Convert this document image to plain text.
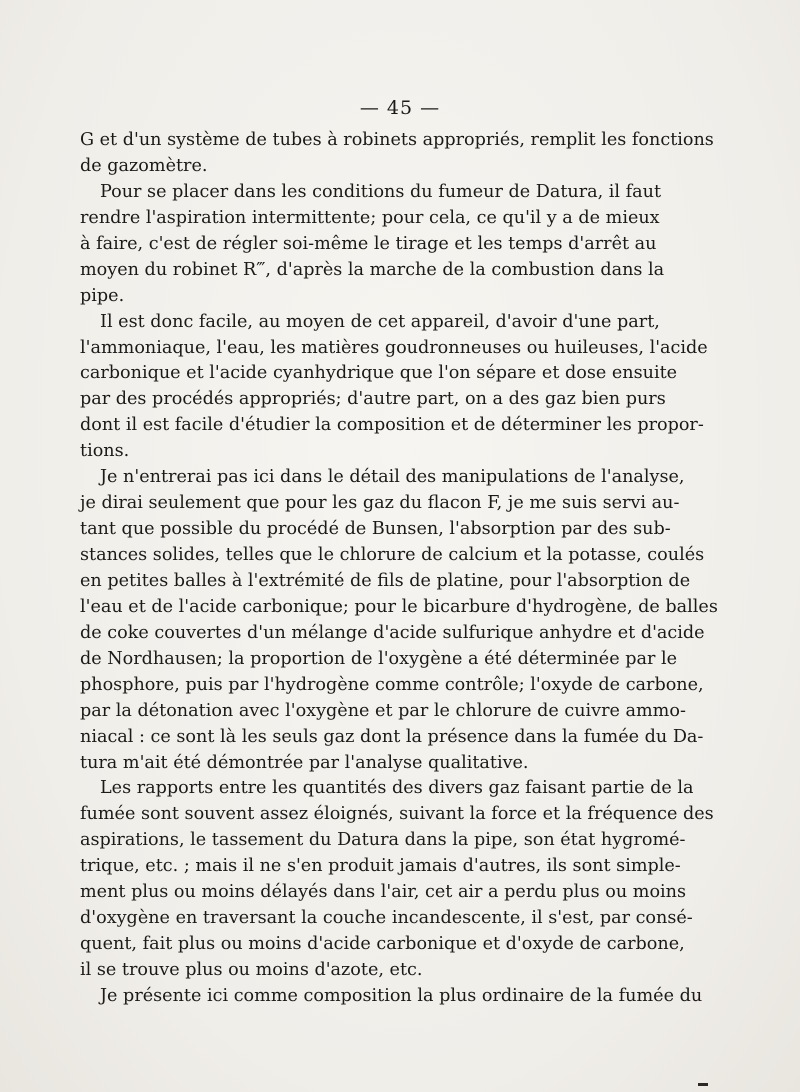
— 45 —
G et d'un système de tubes à robinets appropriés, remplit les fonctions
de gazomètre.
Pour se placer dans les conditions du fumeur de Datura, il faut
rendre l'aspiration intermittente; pour cela, ce qu'il y a de mieux
à faire, c'est de régler soi-même le tirage et les temps d'arrêt au
moyen du robinet R‴, d'après la marche de la combustion dans la
pipe.
Il est donc facile, au moyen de cet appareil, d'avoir d'une part,
l'ammoniaque, l'eau, les matières goudronneuses ou huileuses, l'acide
carbonique et l'acide cyanhydrique que l'on sépare et dose ensuite
par des procédés appropriés; d'autre part, on a des gaz bien purs
dont il est facile d'étudier la composition et de déterminer les propor-
tions.
Je n'entrerai pas ici dans le détail des manipulations de l'analyse,
je dirai seulement que pour les gaz du flacon F, je me suis servi au-
tant que possible du procédé de Bunsen, l'absorption par des sub-
stances solides, telles que le chlorure de calcium et la potasse, coulés
en petites balles à l'extrémité de fils de platine, pour l'absorption de
l'eau et de l'acide carbonique; pour le bicarbure d'hydrogène, de balles
de coke couvertes d'un mélange d'acide sulfurique anhydre et d'acide
de Nordhausen; la proportion de l'oxygène a été déterminée par le
phosphore, puis par l'hydrogène comme contrôle; l'oxyde de carbone,
par la détonation avec l'oxygène et par le chlorure de cuivre ammo-
niacal : ce sont là les seuls gaz dont la présence dans la fumée du Da-
tura m'ait été démontrée par l'analyse qualitative.
Les rapports entre les quantités des divers gaz faisant partie de la
fumée sont souvent assez éloignés, suivant la force et la fréquence des
aspirations, le tassement du Datura dans la pipe, son état hygromé-
trique, etc. ; mais il ne s'en produit jamais d'autres, ils sont simple-
ment plus ou moins délayés dans l'air, cet air a perdu plus ou moins
d'oxygène en traversant la couche incandescente, il s'est, par consé-
quent, fait plus ou moins d'acide carbonique et d'oxyde de carbone,
il se trouve plus ou moins d'azote, etc.
Je présente ici comme composition la plus ordinaire de la fumée du
